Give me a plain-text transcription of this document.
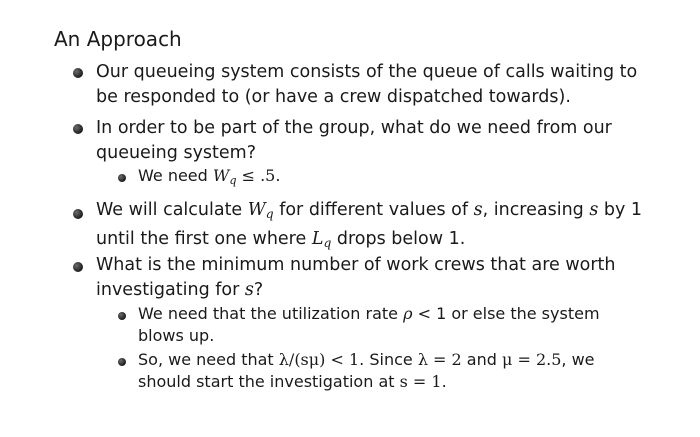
An Approach
Our queueing system consists of the queue of calls waiting to be responded to (or have a crew dispatched towards).
In order to be part of the group, what do we need from our queueing system?
We need $W_q \le .5$.
We will calculate $W_q$ for different values of s, increasing s by 1 until the first one where $L_q$ drops below 1.
What is the minimum number of work crews that are worth investigating for s?
We need that the utilization rate ρ < 1 or else the system blows up.
So, we need that λ/(sμ) < 1. Since λ = 2 and μ = 2.5, we should start the investigation at s = 1.
